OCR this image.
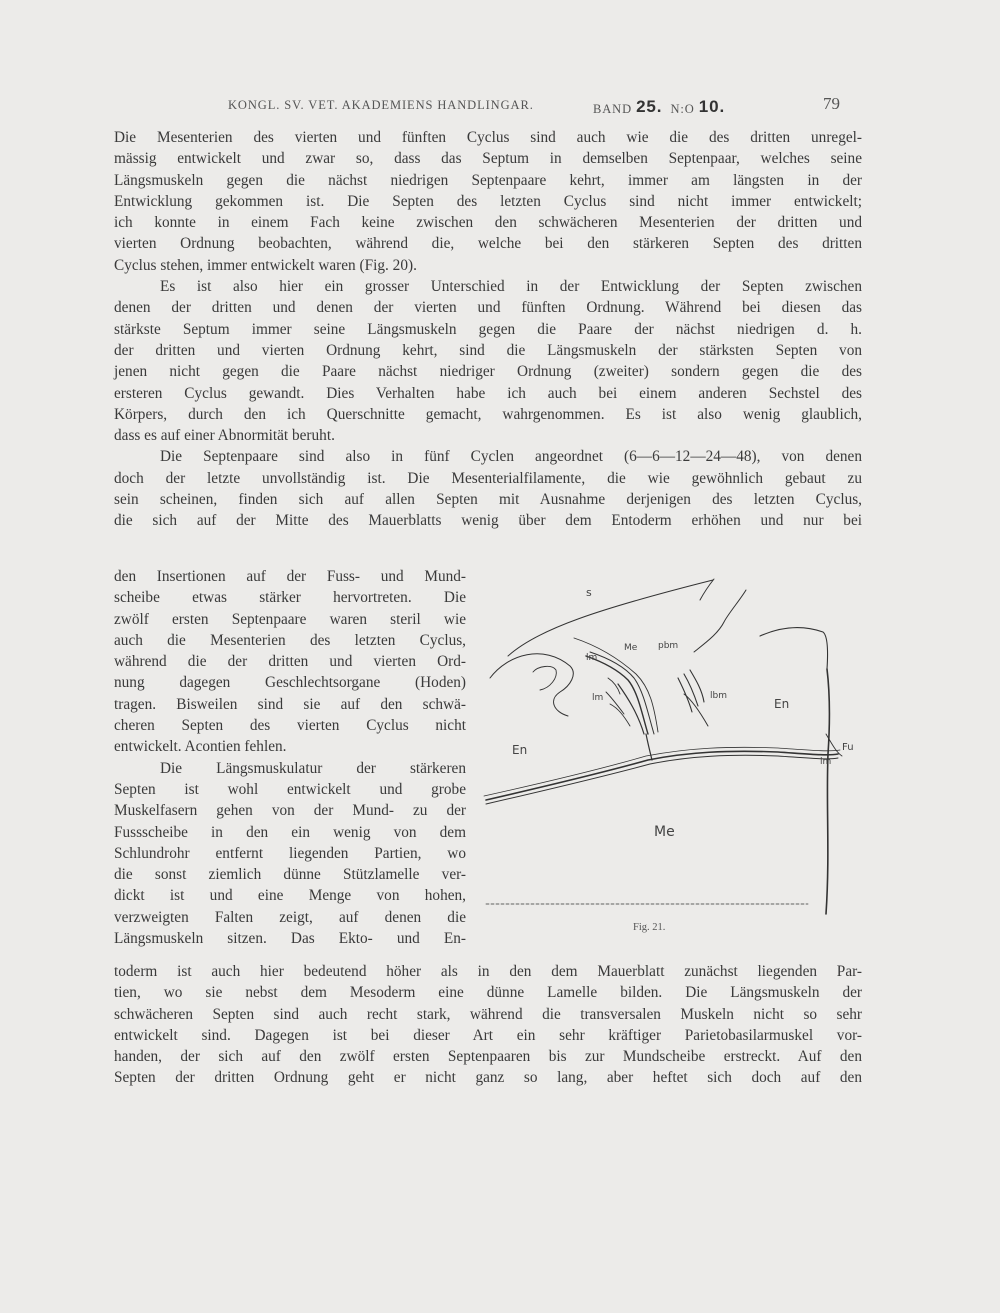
KONGL. SV. VET. AKADEMIENS HANDLINGAR.	BAND 25. N:O 10.	79

Die Mesenterien des vierten und fünften Cyclus sind auch wie die des dritten unregel-
mässig entwickelt und zwar so, dass das Septum in demselben Septenpaar, welches seine
Längsmuskeln gegen die nächst niedrigen Septenpaare kehrt, immer am längsten in der
Entwicklung gekommen ist. Die Septen des letzten Cyclus sind nicht immer entwickelt;
ich konnte in einem Fach keine zwischen den schwächeren Mesenterien der dritten und
vierten Ordnung beobachten, während die, welche bei den stärkeren Septen des dritten
Cyclus stehen, immer entwickelt waren (Fig. 20).

Es ist also hier ein grosser Unterschied in der Entwicklung der Septen zwischen
denen der dritten und denen der vierten und fünften Ordnung. Während bei diesen das
stärkste Septum immer seine Längsmuskeln gegen die Paare der nächst niedrigen d. h.
der dritten und vierten Ordnung kehrt, sind die Längsmuskeln der stärksten Septen von
jenen nicht gegen die Paare nächst niedriger Ordnung (zweiter) sondern gegen die des
ersteren Cyclus gewandt. Dies Verhalten habe ich auch bei einem anderen Sechstel des
Körpers, durch den ich Querschnitte gemacht, wahrgenommen. Es ist also wenig glaublich,
dass es auf einer Abnormität beruht.

Die Septenpaare sind also in fünf Cyclen angeordnet (6—6—12—24—48), von denen
doch der letzte unvollständig ist. Die Mesenterialfilamente, die wie gewöhnlich gebaut zu
sein scheinen, finden sich auf allen Septen mit Ausnahme derjenigen des letzten Cyclus,
die sich auf der Mitte des Mauerblatts wenig über dem Entoderm erhöhen und nur bei

den Insertionen auf der Fuss- und Mund-
scheibe etwas stärker hervortreten. Die
zwölf ersten Septenpaare waren steril wie
auch die Mesenterien des letzten Cyclus,
während die der dritten und vierten Ord-
nung dagegen Geschlechtsorgane (Hoden)
tragen. Bisweilen sind sie auf den schwä-
cheren Septen des vierten Cyclus nicht
entwickelt. Acontien fehlen.

Die Längsmuskulatur der stärkeren
Septen ist wohl entwickelt und grobe
Muskelfasern gehen von der Mund- zu der
Fussscheibe in den ein wenig von dem
Schlundrohr entfernt liegenden Partien, wo
die sonst ziemlich dünne Stützlamelle ver-
dickt ist und eine Menge von hohen,
verzweigten Falten zeigt, auf denen die
Längsmuskeln sitzen. Das Ekto- und En-

toderm ist auch hier bedeutend höher als in den dem Mauerblatt zunächst liegenden Par-
tien, wo sie nebst dem Mesoderm eine dünne Lamelle bilden. Die Längsmuskeln der
schwächeren Septen sind auch recht stark, während die transversalen Muskeln nicht so sehr
entwickelt sind. Dagegen ist bei dieser Art ein sehr kräftiger Parietobasilarmuskel vor-
handen, der sich auf den zwölf ersten Septenpaaren bis zur Mundscheibe erstreckt. Auf den
Septen der dritten Ordnung geht er nicht ganz so lang, aber heftet sich doch auf den

s
Me pbm
lm
lm	lbm
En
En
Fu
lm
Me
Fig. 21.
